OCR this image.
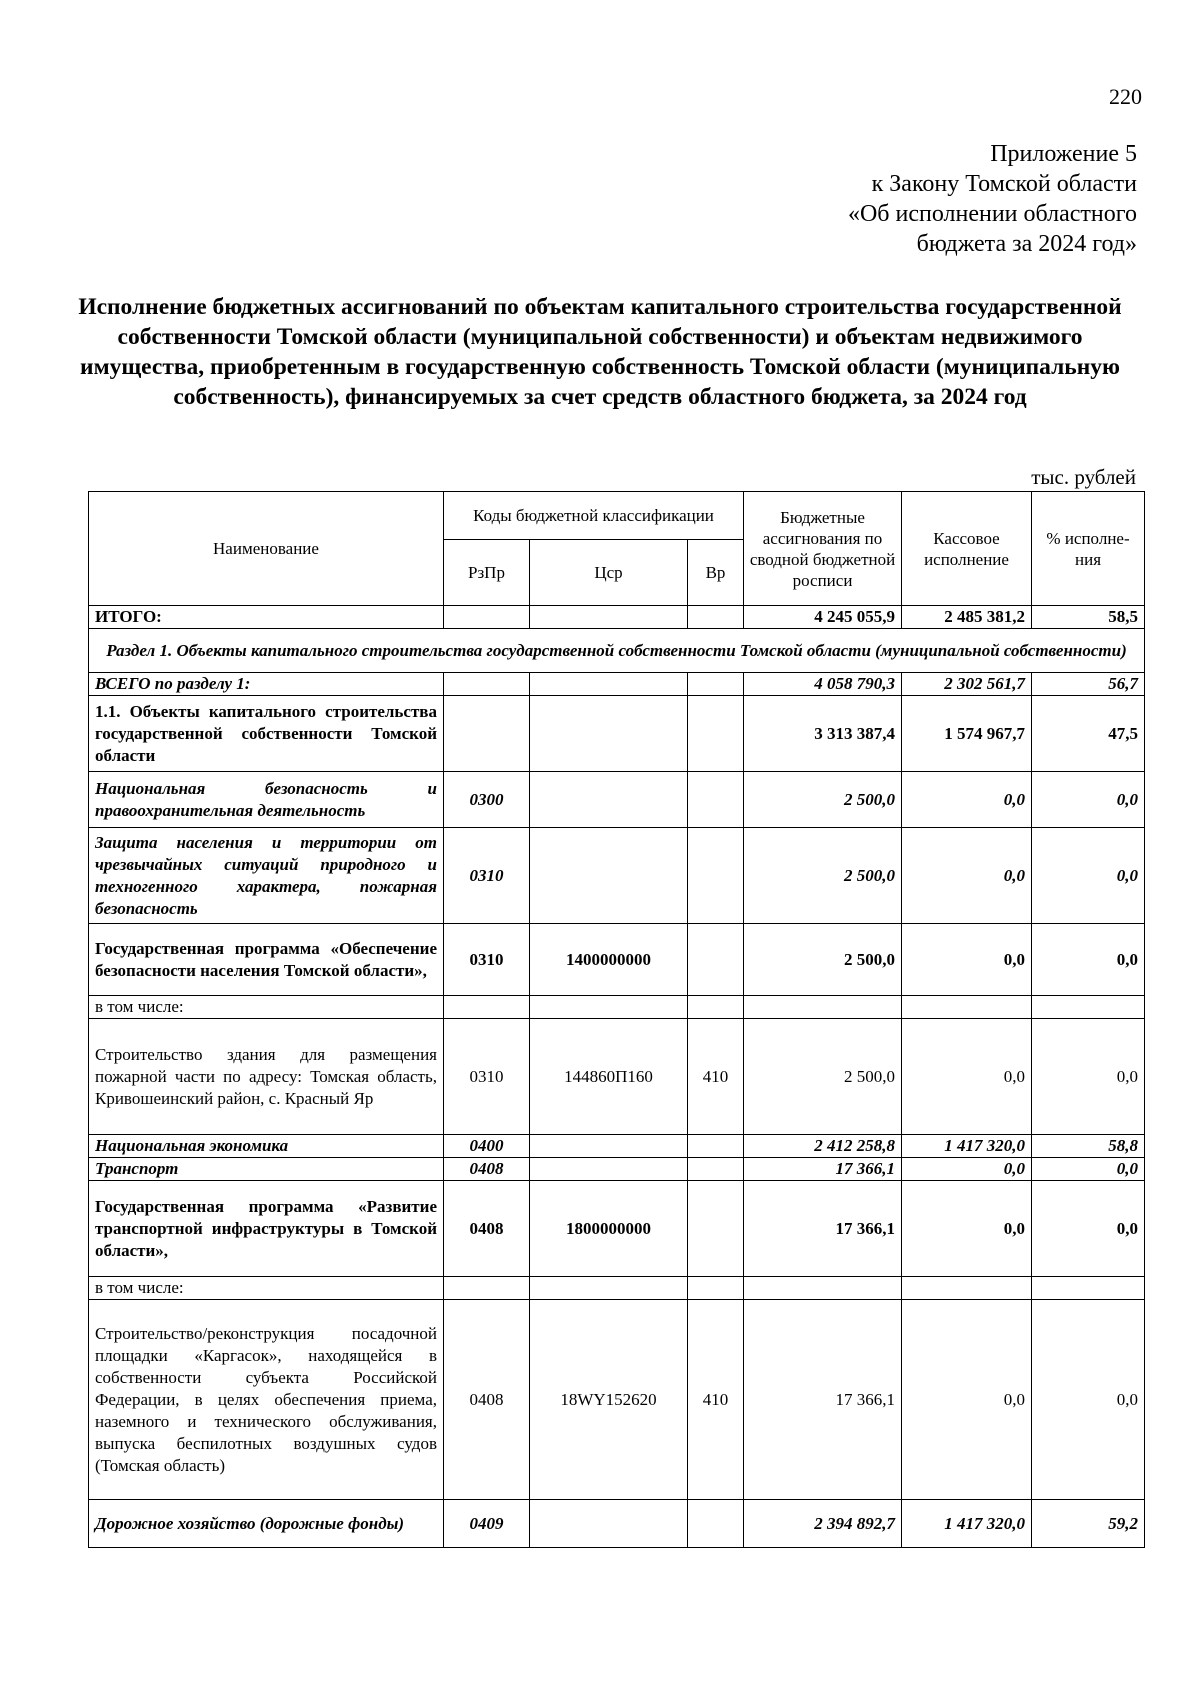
220
Приложение 5
к Закону Томской области
«Об исполнении областного
бюджета за 2024 год»
Исполнение бюджетных ассигнований по объектам капитального строительства государственной собственности Томской области (муниципальной собственности) и объектам недвижимого имущества, приобретенным в государственную собственность Томской области (муниципальную собственность), финансируемых за счет средств областного бюджета, за 2024 год
тыс. рублей
Наименование	Коды бюджетной классификации			Бюджетные ассигнования по сводной бюджетной росписи	Кассовое исполнение	% исполне-ния
	РзПр	Цср	Вр			
ИТОГО:				4 245 055,9	2 485 381,2	58,5
Раздел 1. Объекты капитального строительства государственной собственности Томской области (муниципальной собственности)						
ВСЕГО по разделу 1:				4 058 790,3	2 302 561,7	56,7
1.1. Объекты капитального строительства государственной собственности Томской области				3 313 387,4	1 574 967,7	47,5
Национальная безопасность и правоохранительная деятельность	0300			2 500,0	0,0	0,0
Защита населения и территории от чрезвычайных ситуаций природного и техногенного характера, пожарная безопасность	0310			2 500,0	0,0	0,0
Государственная программа «Обеспечение безопасности населения Томской области»,	0310	1400000000		2 500,0	0,0	0,0
в том числе:						
Строительство здания для размещения пожарной части по адресу: Томская область, Кривошеинский район, с. Красный Яр	0310	144860П160	410	2 500,0	0,0	0,0
Национальная экономика	0400			2 412 258,8	1 417 320,0	58,8
Транспорт	0408			17 366,1	0,0	0,0
Государственная программа «Развитие транспортной инфраструктуры в Томской области»,	0408	1800000000		17 366,1	0,0	0,0
в том числе:						
Строительство/реконструкция посадочной площадки «Каргасок», находящейся в собственности субъекта Российской Федерации, в целях обеспечения приема, наземного и технического обслуживания, выпуска беспилотных воздушных судов (Томская область)	0408	18WY152620	410	17 366,1	0,0	0,0
Дорожное хозяйство (дорожные фонды)	0409			2 394 892,7	1 417 320,0	59,2
